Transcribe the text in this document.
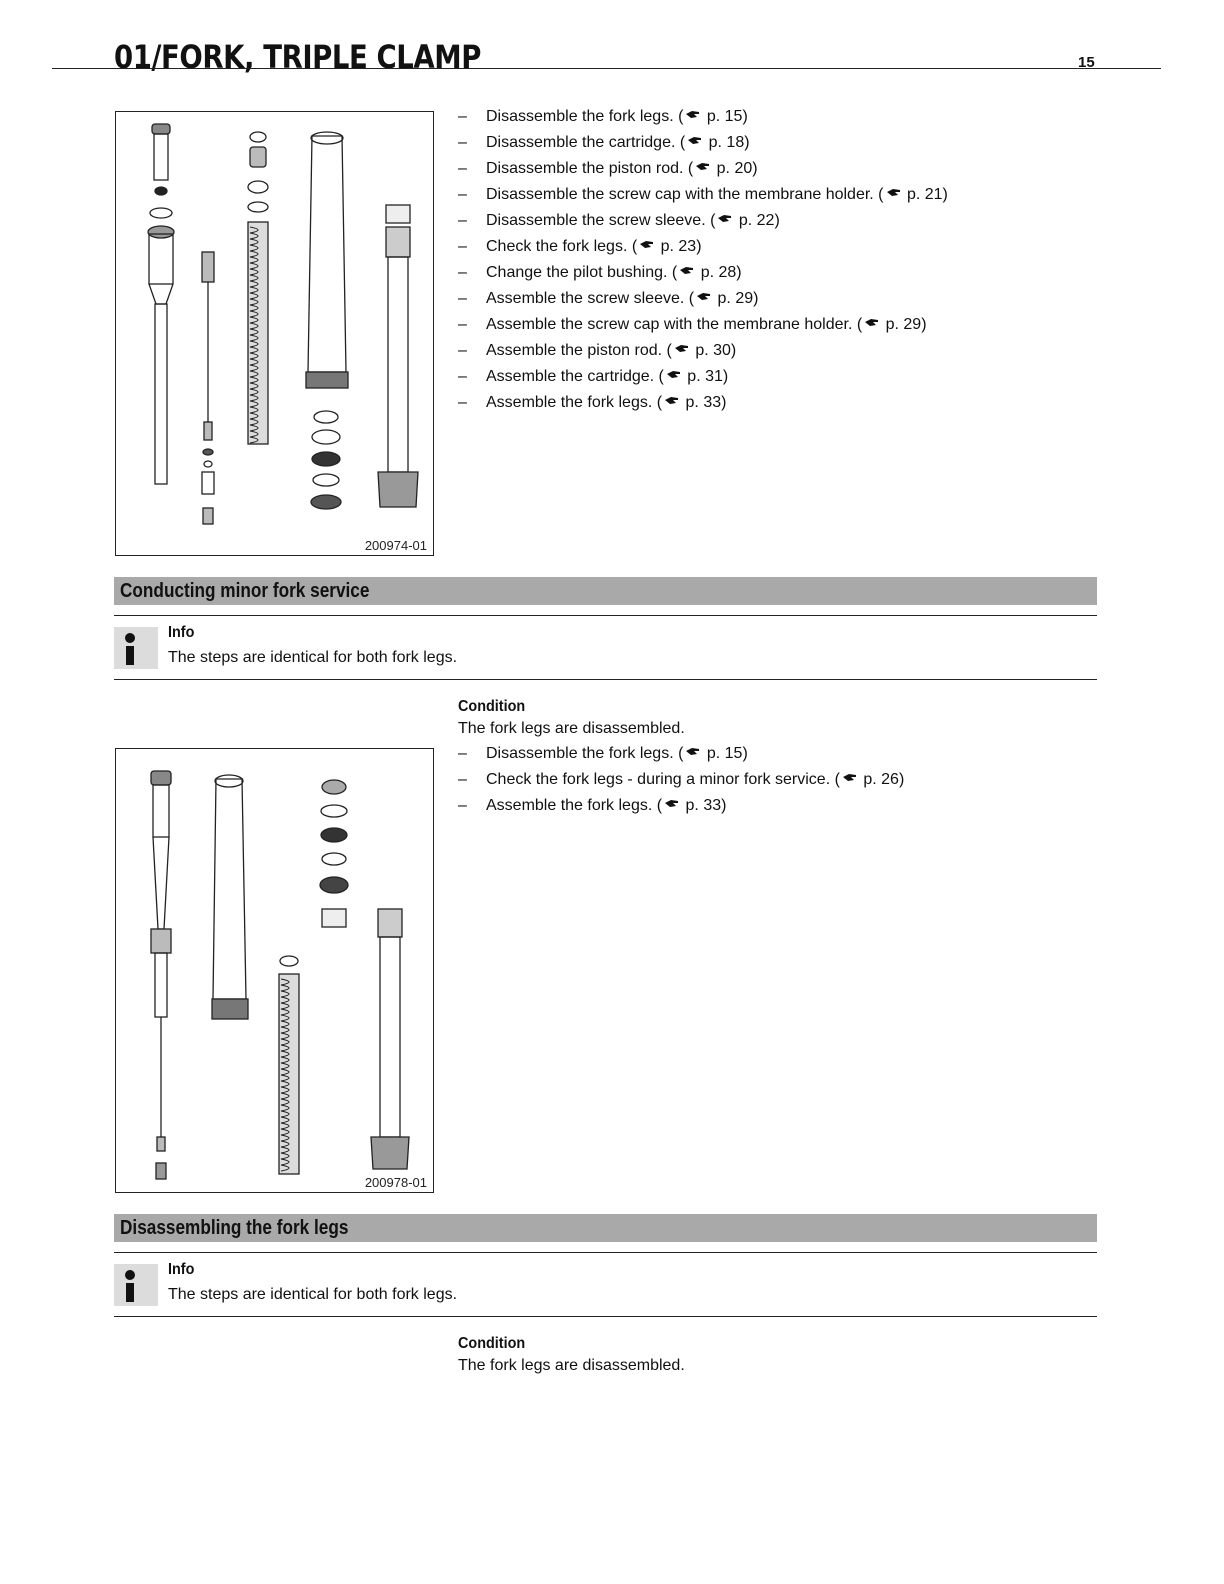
01/FORK, TRIPLE CLAMP	15
200974-01
– Disassemble the fork legs. ( p. 15)
– Disassemble the cartridge. ( p. 18)
– Disassemble the piston rod. ( p. 20)
– Disassemble the screw cap with the membrane holder. ( p. 21)
– Disassemble the screw sleeve. ( p. 22)
– Check the fork legs. ( p. 23)
– Change the pilot bushing. ( p. 28)
– Assemble the screw sleeve. ( p. 29)
– Assemble the screw cap with the membrane holder. ( p. 29)
– Assemble the piston rod. ( p. 30)
– Assemble the cartridge. ( p. 31)
– Assemble the fork legs. ( p. 33)
Conducting minor fork service
Info
The steps are identical for both fork legs.
Condition
The fork legs are disassembled.
– Disassemble the fork legs. ( p. 15)
– Check the fork legs - during a minor fork service. ( p. 26)
– Assemble the fork legs. ( p. 33)
200978-01
Disassembling the fork legs
Info
The steps are identical for both fork legs.
Condition
The fork legs are disassembled.
